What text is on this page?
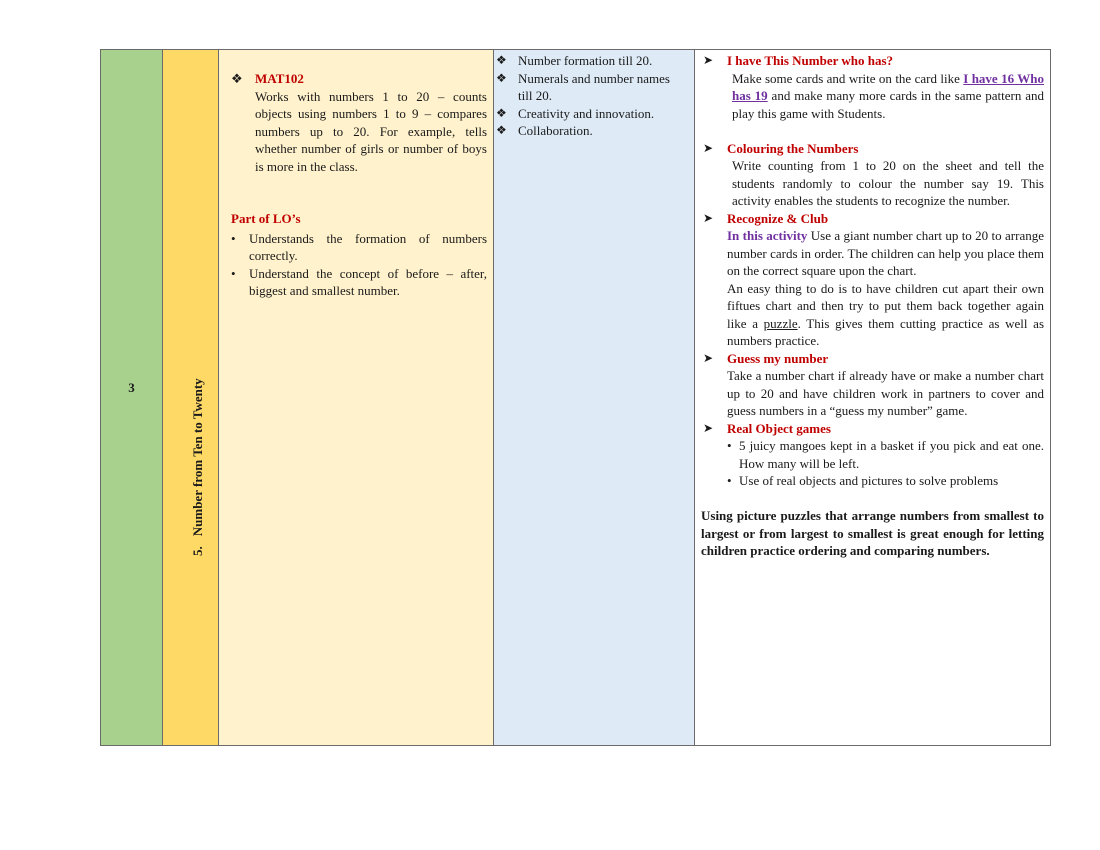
3
5.Number from Ten to Twenty
❖ MAT102
Works with numbers 1 to 20 – counts objects using numbers 1 to 9 – compares numbers up to 20. For example, tells whether number of girls or number of boys is more in the class.
Part of LO’s
• Understands the formation of numbers correctly.
• Understand the concept of before – after, biggest and smallest number.
❖ Number formation till 20.
❖ Numerals and number names till 20.
❖ Creativity and innovation.
❖ Collaboration.
➤ I have This Number who has?
Make some cards and write on the card like I have 16 Who has 19 and make many more cards in the same pattern and play this game with Students.
➤ Colouring the Numbers
Write counting from 1 to 20 on the sheet and tell the students randomly to colour the number say 19. This activity enables the students to recognize the number.
➤ Recognize & Club
In this activity Use a giant number chart up to 20 to arrange number cards in order. The children can help you place them on the correct square upon the chart.
An easy thing to do is to have children cut apart their own fiftues chart and then try to put them back together again like a puzzle. This gives them cutting practice as well as numbers practice.
➤ Guess my number
Take a number chart if already have or make a number chart up to 20 and have children work in partners to cover and guess numbers in a “guess my number” game.
➤ Real Object games
• 5 juicy mangoes kept in a basket if you pick and eat one. How many will be left.
• Use of real objects and pictures to solve problems
Using picture puzzles that arrange numbers from smallest to largest or from largest to smallest is great enough for letting children practice ordering and comparing numbers.
